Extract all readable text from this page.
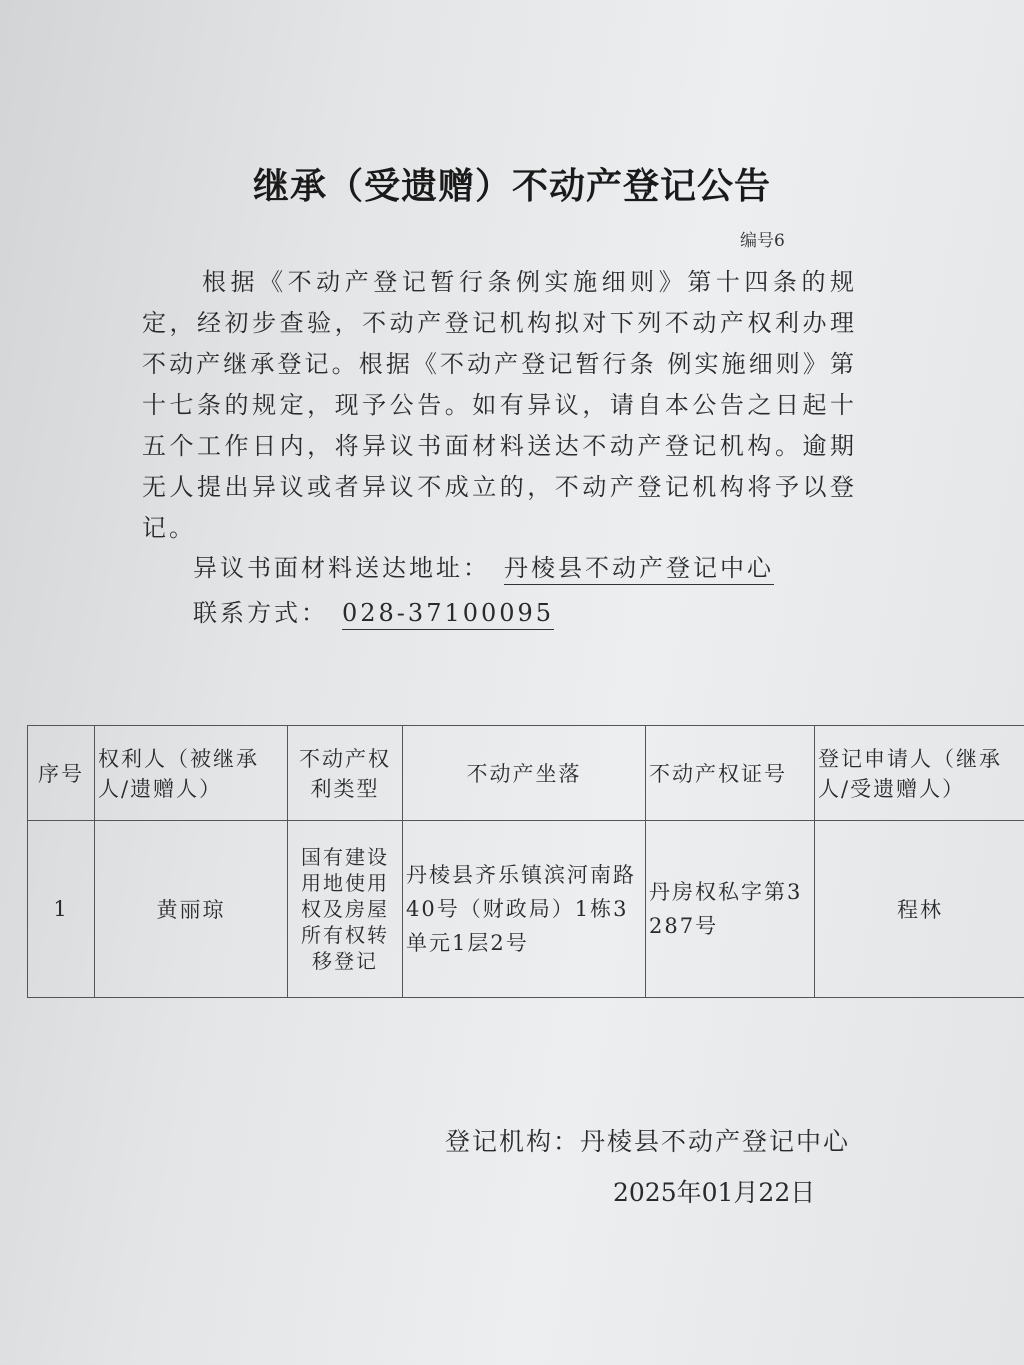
继承（受遗赠）不动产登记公告
编号6
根据《不动产登记暂行条例实施细则》第十四条的规定，经初步查验，不动产登记机构拟对下列不动产权利办理不动产继承登记。根据《不动产登记暂行条 例实施细则》第十七条的规定，现予公告。如有异议，请自本公告之日起十五个工作日内，将异议书面材料送达不动产登记机构。逾期无人提出异议或者异议不成立的，不动产登记机构将予以登记。
异议书面材料送达地址： 丹棱县不动产登记中心
联系方式： 028-37100095
序号	权利人（被继承人/遗赠人）	不动产权利类型	不动产坐落	不动产权证号	登记申请人（继承人/受遗赠人）
1	黄丽琼	国有建设用地使用权及房屋所有权转移登记	丹棱县齐乐镇滨河南路40号（财政局）1栋3单元1层2号	丹房权私字第3287号	程林
登记机构：丹棱县不动产登记中心
2025年01月22日
